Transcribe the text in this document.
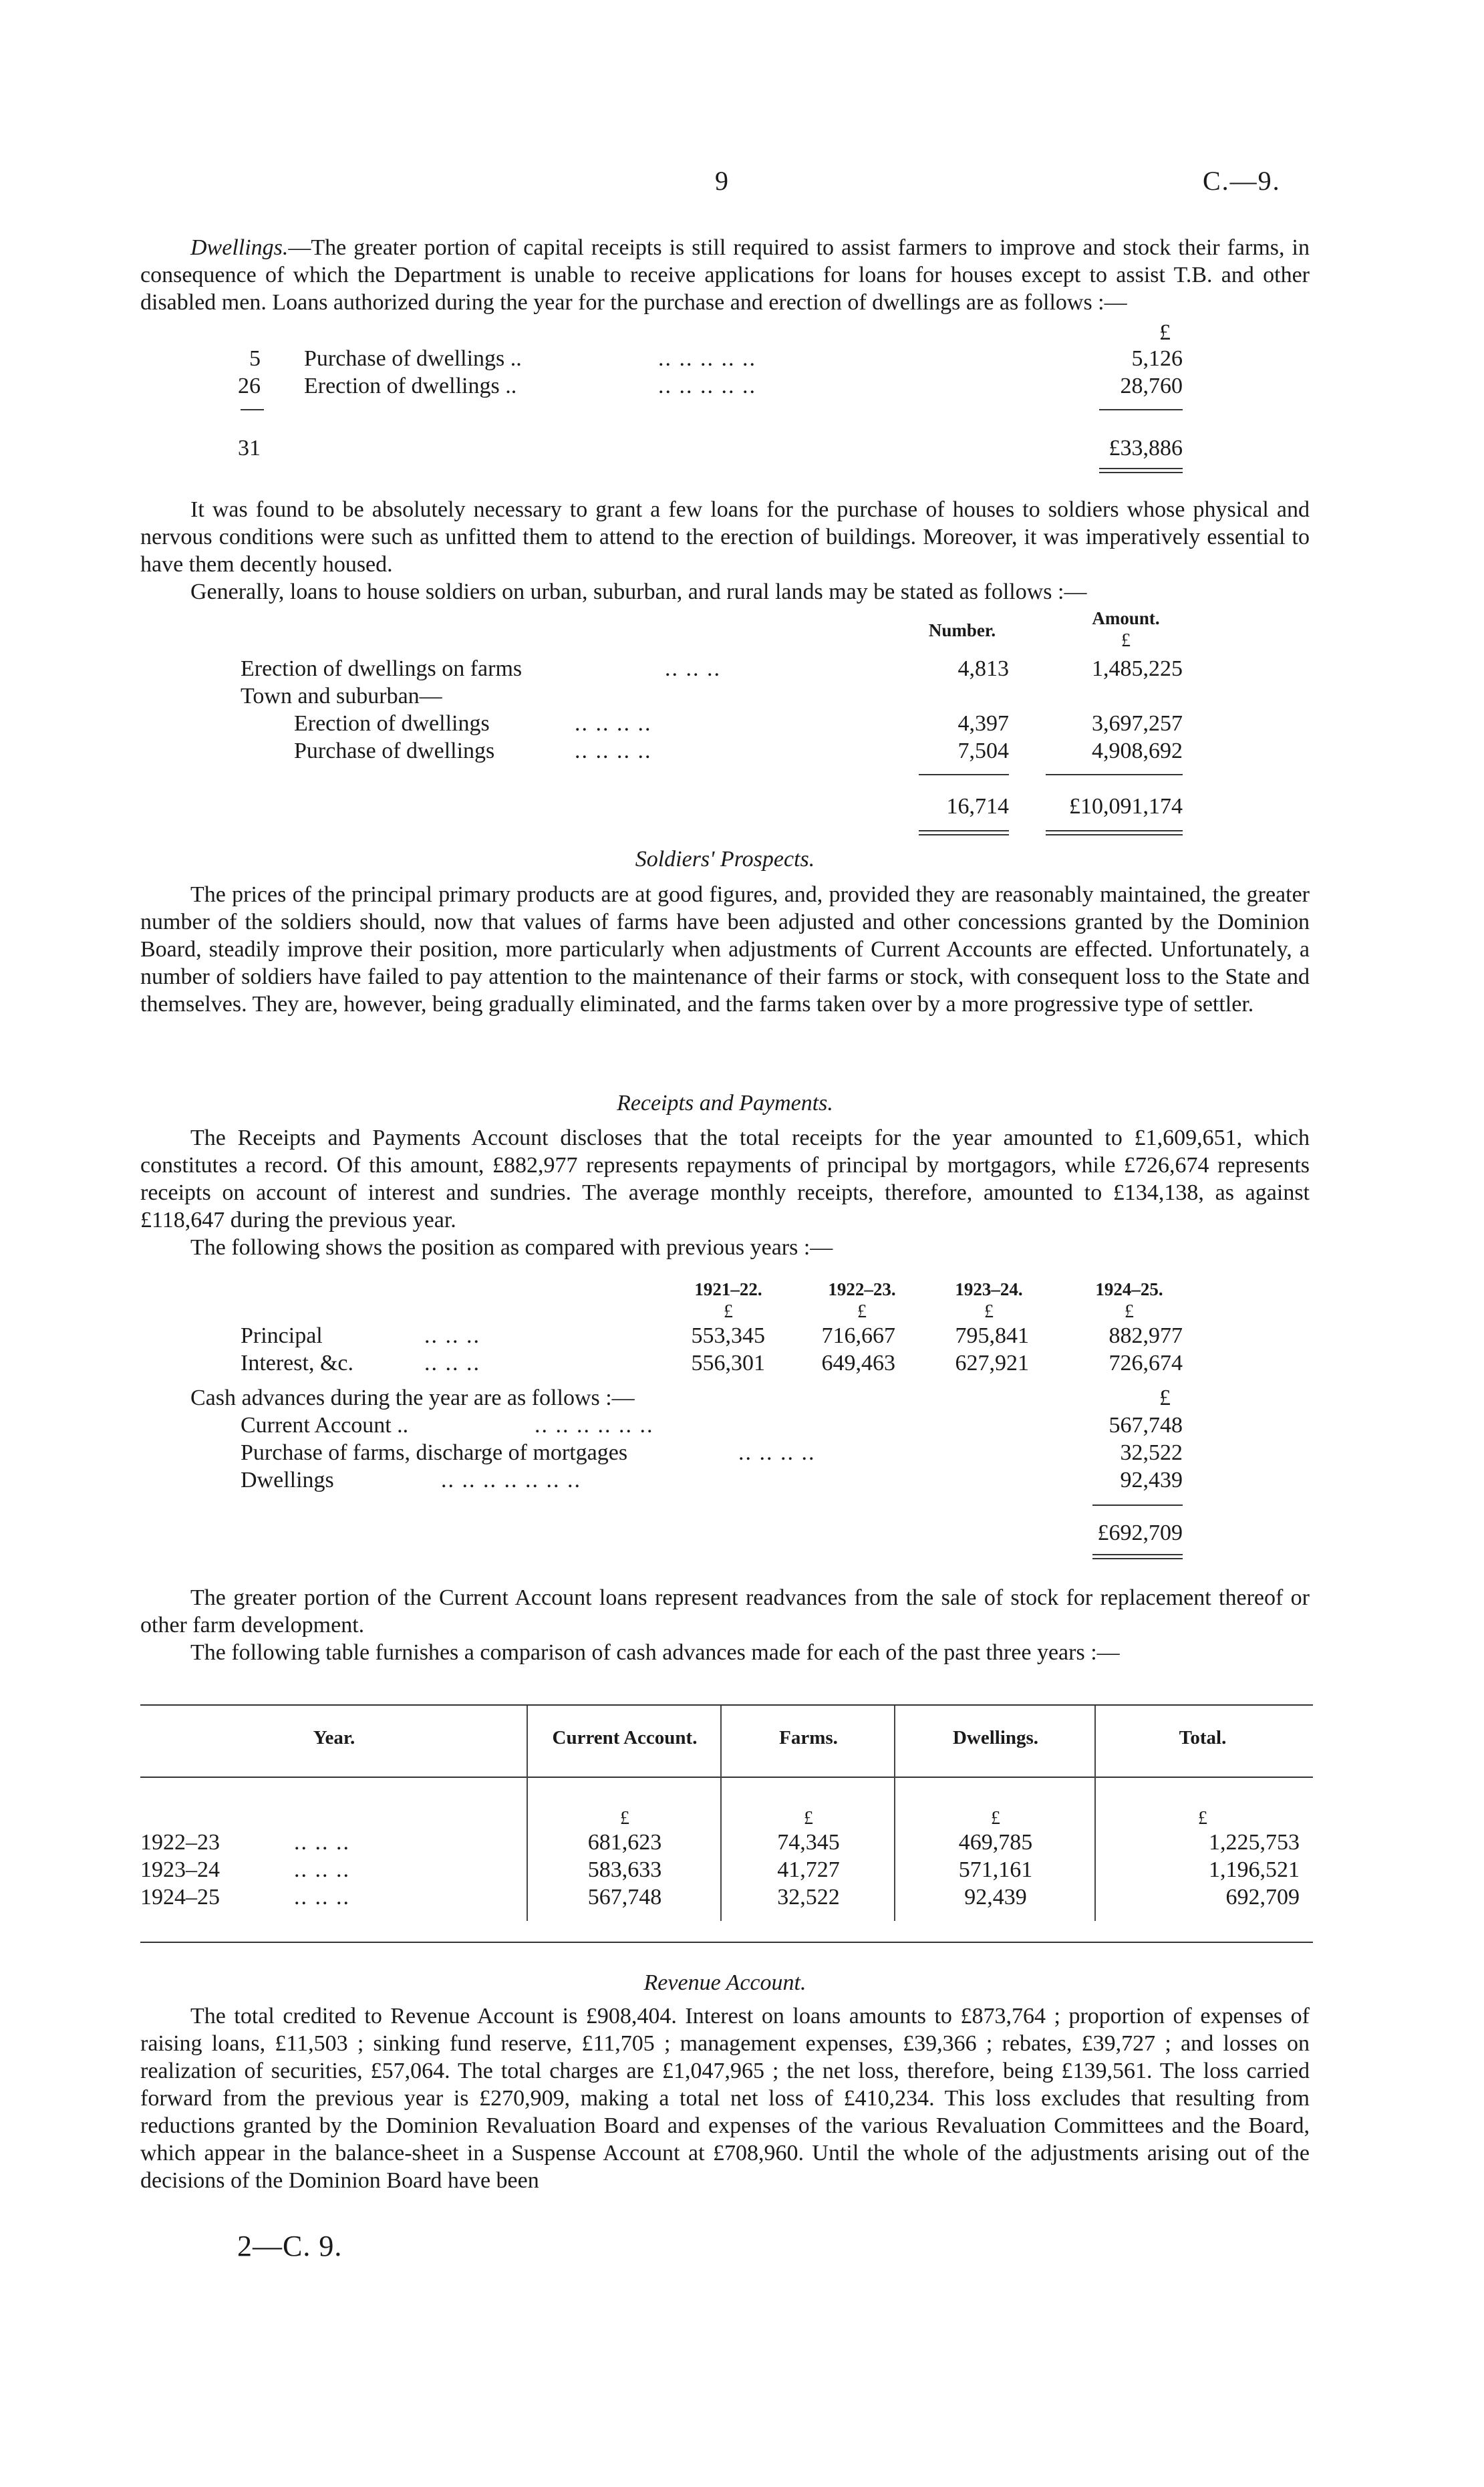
9	C.—9.
Dwellings.—The greater portion of capital receipts is still required to assist farmers to improve and stock their farms, in consequence of which the Department is unable to receive applications for loans for houses except to assist T.B. and other disabled men. Loans authorized during the year for the purchase and erection of dwellings are as follows :—
£
5 Purchase of dwellings ..	.. .. .. .. ..	5,126
26 Erection of dwellings ..	.. .. .. .. ..	28,760
31	£33,886
It was found to be absolutely necessary to grant a few loans for the purchase of houses to soldiers whose physical and nervous conditions were such as unfitted them to attend to the erection of buildings. Moreover, it was imperatively essential to have them decently housed.
Generally, loans to house soldiers on urban, suburban, and rural lands may be stated as follows :—
Number.
Amount.
£
Erection of dwellings on farms	.. .. ..	4,813	1,485,225
Town and suburban—
Erection of dwellings	.. .. .. ..	4,397	3,697,257
Purchase of dwellings	.. .. .. ..	7,504	4,908,692
16,714	£10,091,174
Soldiers' Prospects.
The prices of the principal primary products are at good figures, and, provided they are reasonably maintained, the greater number of the soldiers should, now that values of farms have been adjusted and other concessions granted by the Dominion Board, steadily improve their position, more particularly when adjustments of Current Accounts are effected. Unfortunately, a number of soldiers have failed to pay attention to the maintenance of their farms or stock, with consequent loss to the State and themselves. They are, however, being gradually eliminated, and the farms taken over by a more progressive type of settler.
Receipts and Payments.
The Receipts and Payments Account discloses that the total receipts for the year amounted to £1,609,651, which constitutes a record. Of this amount, £882,977 represents repayments of principal by mortgagors, while £726,674 represents receipts on account of interest and sundries. The average monthly receipts, therefore, amounted to £134,138, as against £118,647 during the previous year.
The following shows the position as compared with previous years :—
1921–22.	1922–23.	1923–24.	1924–25.
£	£	£	£
Principal	.. .. ..	553,345	716,667	795,841	882,977
Interest, &c.	.. .. ..	556,301	649,463	627,921	726,674
Cash advances during the year are as follows :—	£
Current Account ..	.. .. .. .. .. ..	567,748
Purchase of farms, discharge of mortgages	.. .. .. ..	32,522
Dwellings	.. .. .. .. .. .. ..	92,439
£692,709
The greater portion of the Current Account loans represent readvances from the sale of stock for replacement thereof or other farm development.
The following table furnishes a comparison of cash advances made for each of the past three years :—
Year.	Current Account.	Farms.	Dwellings.	Total.
£	£	£	£
1922–23	.. .. ..	681,623	74,345	469,785	1,225,753
1923–24	.. .. ..	583,633	41,727	571,161	1,196,521
1924–25	.. .. ..	567,748	32,522	92,439	692,709
Revenue Account.
The total credited to Revenue Account is £908,404. Interest on loans amounts to £873,764 ; proportion of expenses of raising loans, £11,503 ; sinking fund reserve, £11,705 ; management expenses, £39,366 ; rebates, £39,727 ; and losses on realization of securities, £57,064. The total charges are £1,047,965 ; the net loss, therefore, being £139,561. The loss carried forward from the previous year is £270,909, making a total net loss of £410,234. This loss excludes that resulting from reductions granted by the Dominion Revaluation Board and expenses of the various Revaluation Committees and the Board, which appear in the balance-sheet in a Suspense Account at £708,960. Until the whole of the adjustments arising out of the decisions of the Dominion Board have been
2—C. 9.
